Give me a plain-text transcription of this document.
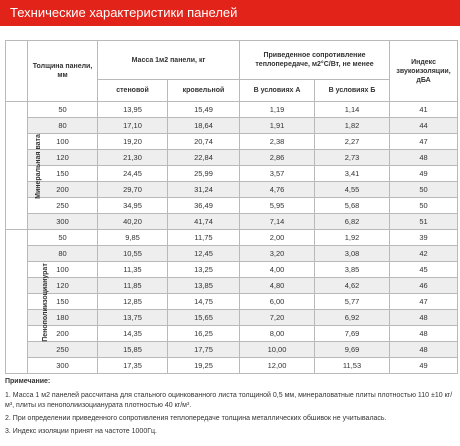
Технические характеристики панелей
	Толщина панели, мм	Масса 1м2 панели, кг		Приведенное сопротивление теплопередаче, м2°С/Вт, не менее		Индекс звукоизоляции, дБА
		стеновой	кровельной	В условиях А	В условиях Б	
Минеральная вата	50	13,95	15,49	1,19	1,14	41
	80	17,10	18,64	1,91	1,82	44
	100	19,20	20,74	2,38	2,27	47
	120	21,30	22,84	2,86	2,73	48
	150	24,45	25,99	3,57	3,41	49
	200	29,70	31,24	4,76	4,55	50
	250	34,95	36,49	5,95	5,68	50
	300	40,20	41,74	7,14	6,82	51
Пенополиизоцианурат	50	9,85	11,75	2,00	1,92	39
	80	10,55	12,45	3,20	3,08	42
	100	11,35	13,25	4,00	3,85	45
	120	11,85	13,85	4,80	4,62	46
	150	12,85	14,75	6,00	5,77	47
	180	13,75	15,65	7,20	6,92	48
	200	14,35	16,25	8,00	7,69	48
	250	15,85	17,75	10,00	9,69	48
	300	17,35	19,25	12,00	11,53	49
Примечание:

1. Масса 1 м2 панелей рассчитана для стального оцинкованного листа толщиной 0,5 мм, минераловатные плиты плотностью 110 ±10 кг/м³, плиты из пенополиизоцианурата плотностью 40 кг/м³.

2. При определении приведенного сопротивления теплопередаче толщина металлических обшивок не учитывалась.

3. Индекс изоляции принят на частоте 1000Гц.
